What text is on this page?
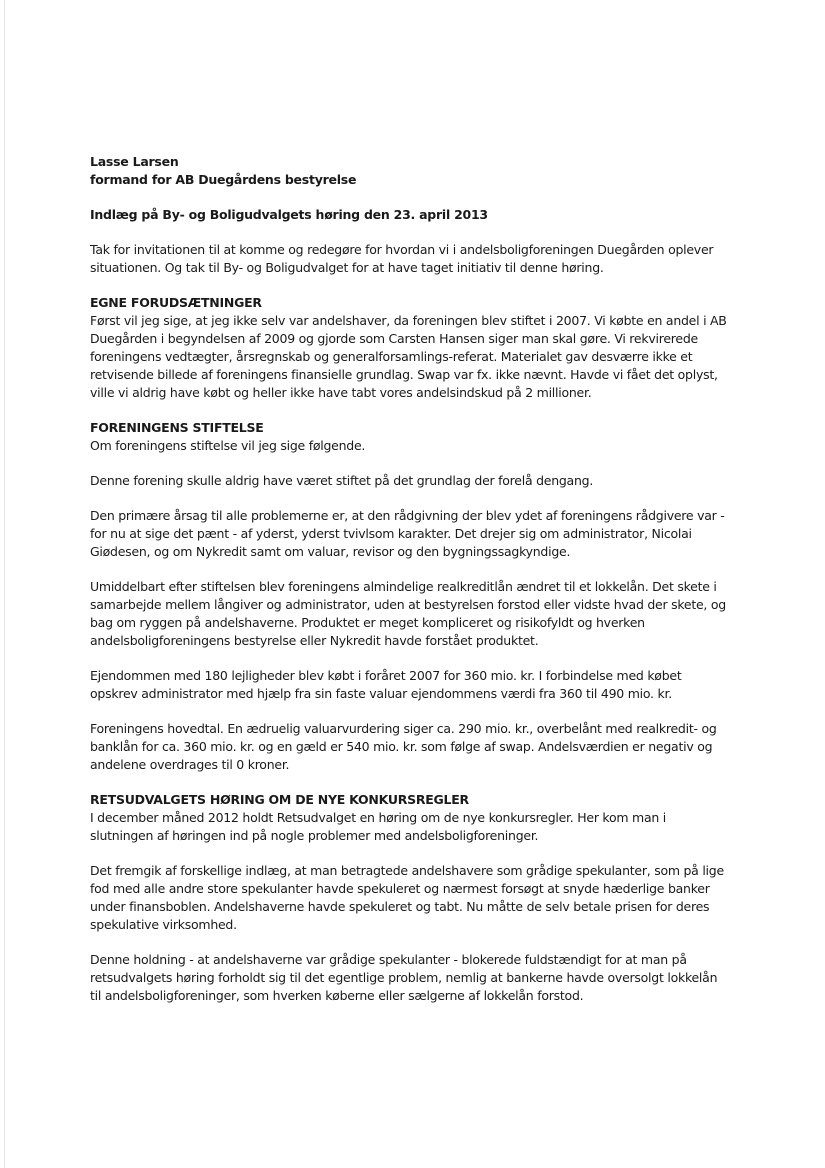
Lasse Larsen

formand for AB Duegårdens bestyrelse

Indlæg på By- og Boligudvalgets høring den 23. april 2013

Tak for invitationen til at komme og redegøre for hvordan vi i andelsboligforeningen Duegården oplever situationen. Og tak til By- og Boligudvalget for at have taget initiativ til denne høring.

EGNE FORUDSÆTNINGER

Først vil jeg sige, at jeg ikke selv var andelshaver, da foreningen blev stiftet i 2007. Vi købte en andel i AB Duegården i begyndelsen af 2009 og gjorde som Carsten Hansen siger man skal gøre. Vi rekvirerede foreningens vedtægter, årsregnskab og generalforsamlings-referat. Materialet gav desværre ikke et retvisende billede af foreningens finansielle grundlag. Swap var fx. ikke nævnt. Havde vi fået det oplyst, ville vi aldrig have købt og heller ikke have tabt vores andelsindskud på 2 millioner.

FORENINGENS STIFTELSE

Om foreningens stiftelse vil jeg sige følgende.

Denne forening skulle aldrig have været stiftet på det grundlag der forelå dengang.

Den primære årsag til alle problemerne er, at den rådgivning der blev ydet af foreningens rådgivere var - for nu at sige det pænt - af yderst, yderst tvivlsom karakter. Det drejer sig om administrator, Nicolai Giødesen, og om Nykredit samt om valuar, revisor og den bygningssagkyndige.

Umiddelbart efter stiftelsen blev foreningens almindelige realkreditlån ændret til et lokkelån. Det skete i samarbejde mellem långiver og administrator, uden at bestyrelsen forstod eller vidste hvad der skete, og bag om ryggen på andelshaverne. Produktet er meget kompliceret og risikofyldt og hverken andelsboligforeningens bestyrelse eller Nykredit havde forstået produktet.

Ejendommen med 180 lejligheder blev købt i foråret 2007 for 360 mio. kr. I forbindelse med købet opskrev administrator med hjælp fra sin faste valuar ejendommens værdi fra 360 til 490 mio. kr.

Foreningens hovedtal. En ædruelig valuarvurdering siger ca. 290 mio. kr., overbelånt med realkredit- og banklån for ca. 360 mio. kr. og en gæld er 540 mio. kr. som følge af swap. Andelsværdien er negativ og andelene overdrages til 0 kroner.

RETSUDVALGETS HØRING OM DE NYE KONKURSREGLER

I december måned 2012 holdt Retsudvalget en høring om de nye konkursregler. Her kom man i slutningen af høringen ind på nogle problemer med andelsboligforeninger.

Det fremgik af forskellige indlæg, at man betragtede andelshavere som grådige spekulanter, som på lige fod med alle andre store spekulanter havde spekuleret og nærmest forsøgt at snyde hæderlige banker under finansboblen. Andelshaverne havde spekuleret og tabt. Nu måtte de selv betale prisen for deres spekulative virksomhed.

Denne holdning - at andelshaverne var grådige spekulanter - blokerede fuldstændigt for at man på retsudvalgets høring forholdt sig til det egentlige problem, nemlig at bankerne havde oversolgt lokkelån til andelsboligforeninger, som hverken køberne eller sælgerne af lokkelån forstod.
